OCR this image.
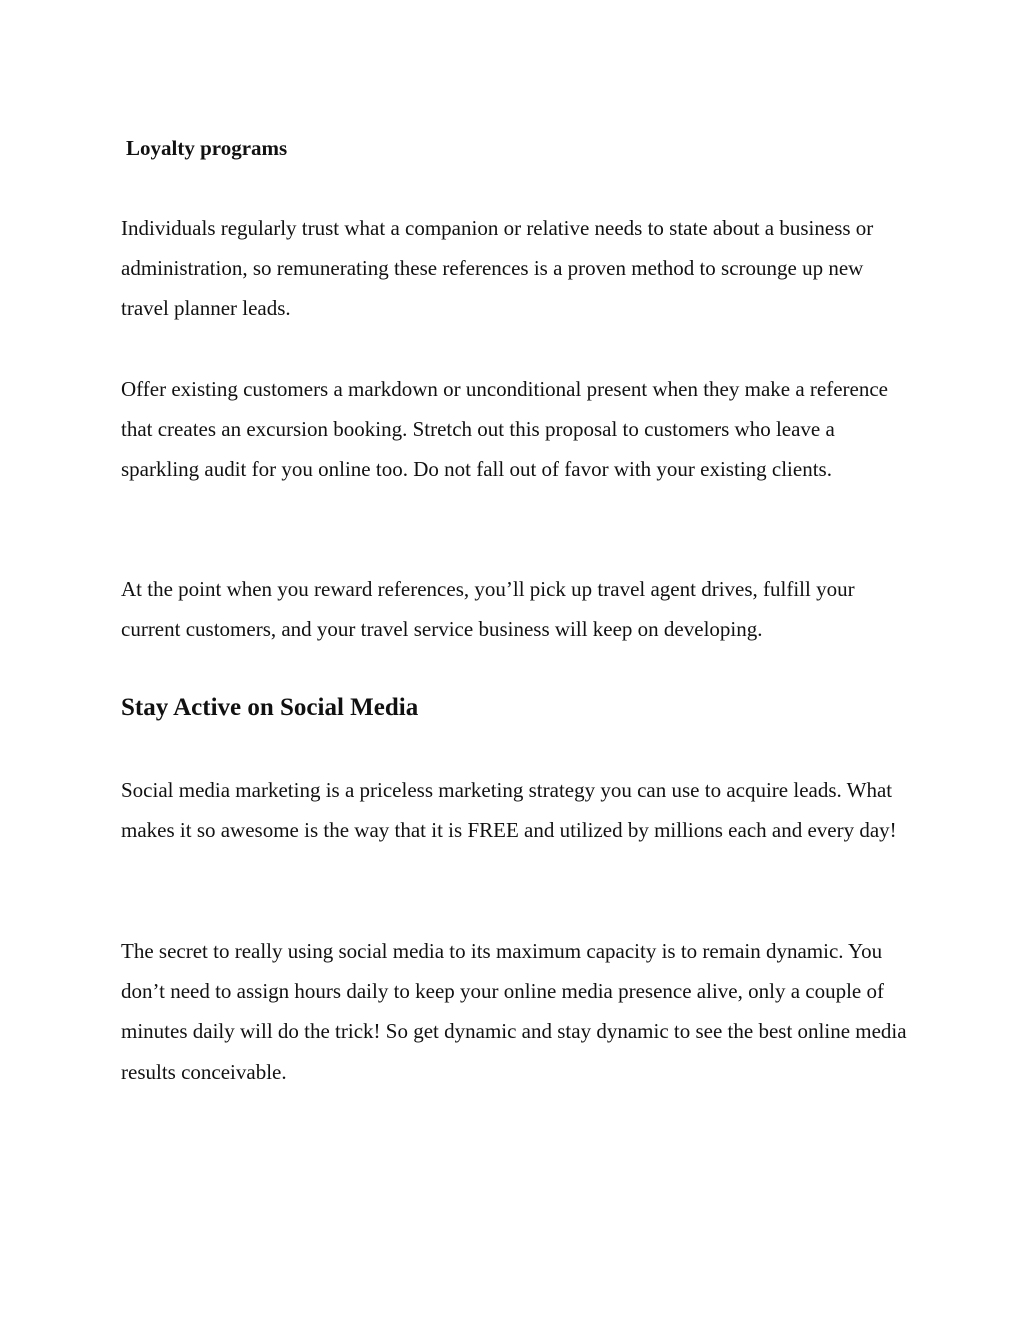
Loyalty programs

Individuals regularly trust what a companion or relative needs to state about a business or administration, so remunerating these references is a proven method to scrounge up new travel planner leads.

Offer existing customers a markdown or unconditional present when they make a reference that creates an excursion booking. Stretch out this proposal to customers who leave a sparkling audit for you online too. Do not fall out of favor with your existing clients.

At the point when you reward references, you’ll pick up travel agent drives, fulfill your current customers, and your travel service business will keep on developing.

Stay Active on Social Media

Social media marketing is a priceless marketing strategy you can use to acquire leads. What makes it so awesome is the way that it is FREE and utilized by millions each and every day!

The secret to really using social media to its maximum capacity is to remain dynamic. You don’t need to assign hours daily to keep your online media presence alive, only a couple of minutes daily will do the trick! So get dynamic and stay dynamic to see the best online media results conceivable.
